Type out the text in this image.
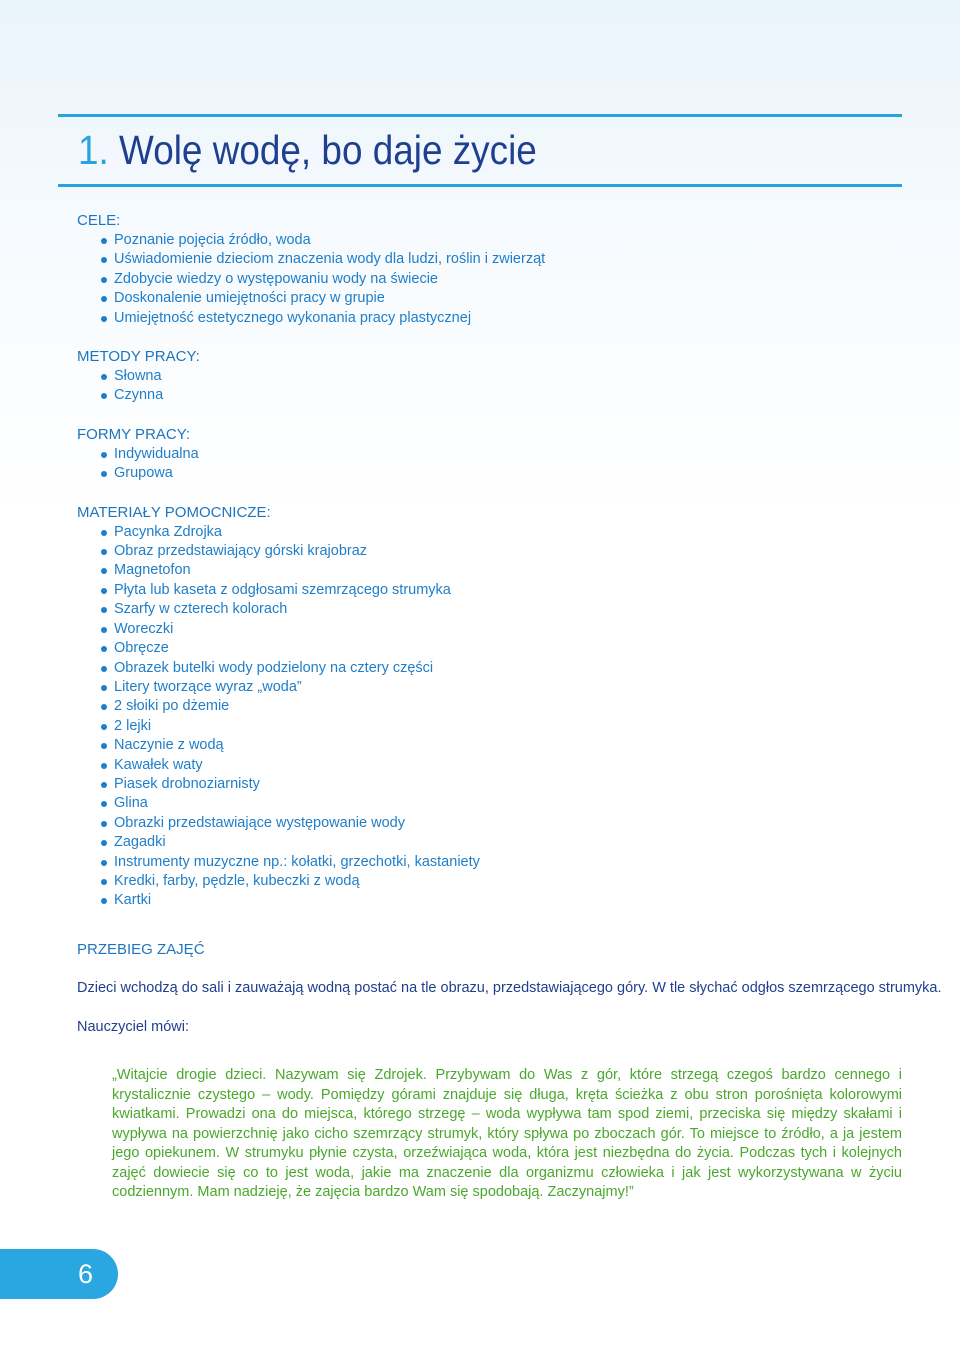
1. Wolę wodę, bo daje życie

CELE:

Poznanie pojęcia źródło, woda
Uświadomienie dzieciom znaczenia wody dla ludzi, roślin i zwierząt
Zdobycie wiedzy o występowaniu wody na świecie
Doskonalenie umiejętności pracy w grupie
Umiejętność estetycznego wykonania pracy plastycznej

METODY PRACY:

Słowna
Czynna

FORMY PRACY:

Indywidualna
Grupowa

MATERIAŁY POMOCNICZE:

Pacynka Zdrojka
Obraz przedstawiający górski krajobraz
Magnetofon
Płyta lub kaseta z odgłosami szemrzącego strumyka
Szarfy w czterech kolorach
Woreczki
Obręcze
Obrazek butelki wody podzielony na cztery części
Litery tworzące wyraz „woda”
2 słoiki po dżemie
2 lejki
Naczynie z wodą
Kawałek waty
Piasek drobnoziarnisty
Glina
Obrazki przedstawiające występowanie wody
Zagadki
Instrumenty muzyczne np.: kołatki, grzechotki, kastaniety
Kredki, farby, pędzle, kubeczki z wodą
Kartki

PRZEBIEG ZAJĘĆ

Dzieci wchodzą do sali i zauważają wodną postać na tle obrazu, przedstawiającego góry. W tle słychać odgłos szemrzącego strumyka.

Nauczyciel mówi:

„Witajcie drogie dzieci. Nazywam się Zdrojek. Przybywam do Was z gór, które strzegą czegoś bardzo cennego i krystalicznie czystego – wody. Pomiędzy górami znajduje się długa, kręta ścieżka z obu stron porośnięta kolorowymi kwiatkami. Prowadzi ona do miejsca, którego strzegę – woda wypływa tam spod ziemi, przeciska się między skałami i wypływa na powierzchnię jako cicho szemrzący strumyk, który spływa po zboczach gór. To miejsce to źródło, a ja jestem jego opiekunem. W strumyku płynie czysta, orzeźwiająca woda, która jest niezbędna do życia. Podczas tych i kolejnych zajęć dowiecie się co to jest woda, jakie ma znaczenie dla organizmu człowieka i jak jest wykorzystywana w życiu codziennym. Mam nadzieję, że zajęcia bardzo Wam się spodobają. Zaczynajmy!”

6
